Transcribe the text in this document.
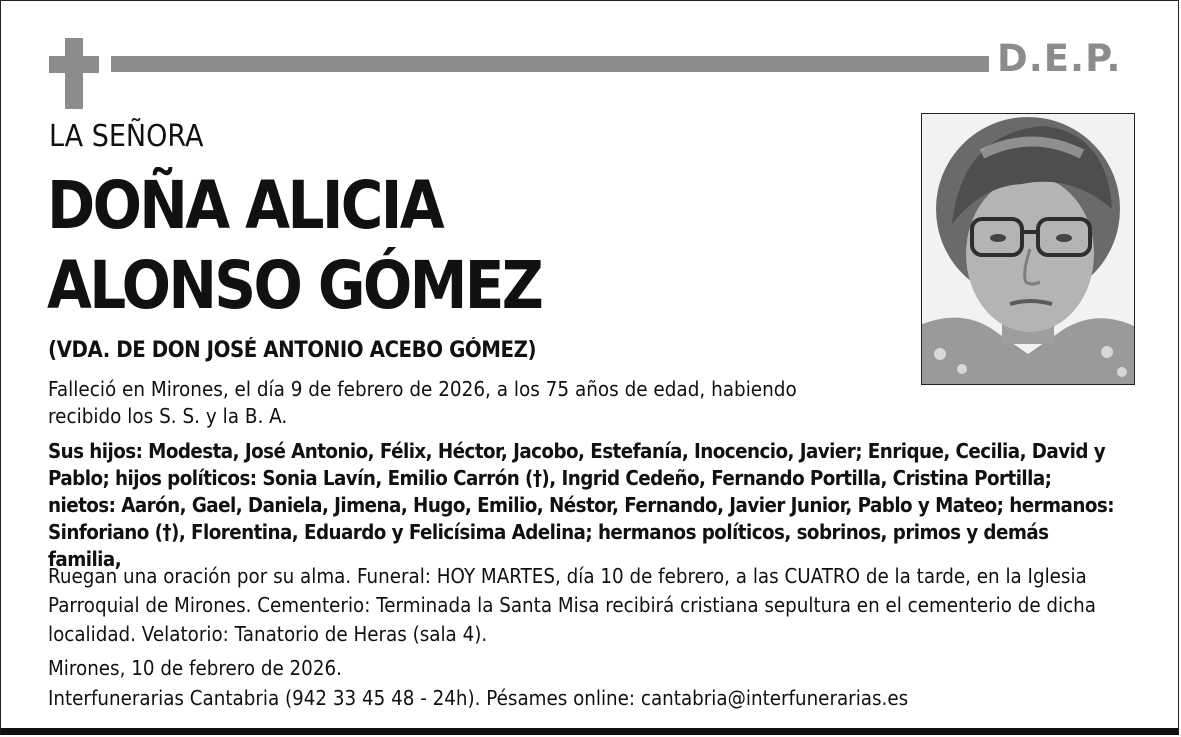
D.E.P.
LA SEÑORA
DOÑA ALICIA
ALONSO GÓMEZ
(VDA. DE DON JOSÉ ANTONIO ACEBO GÓMEZ)
Falleció en Mirones, el día 9 de febrero de 2026, a los 75 años de edad, habiendo recibido los S. S. y la B. A.
Sus hijos: Modesta, José Antonio, Félix, Héctor, Jacobo, Estefanía, Inocencio, Javier; Enrique, Cecilia, David y Pablo; hijos políticos: Sonia Lavín, Emilio Carrón (†), Ingrid Cedeño, Fernando Portilla, Cristina Portilla; nietos: Aarón, Gael, Daniela, Jimena, Hugo, Emilio, Néstor, Fernando, Javier Junior, Pablo y Mateo; hermanos: Sinforiano (†), Florentina, Eduardo y Felicísima Adelina; hermanos políticos, sobrinos, primos y demás familia,
Ruegan una oración por su alma. Funeral: HOY MARTES, día 10 de febrero, a las CUATRO de la tarde, en la Iglesia Parroquial de Mirones. Cementerio: Terminada la Santa Misa recibirá cristiana sepultura en el cementerio de dicha localidad. Velatorio: Tanatorio de Heras (sala 4).
Mirones, 10 de febrero de 2026.
Interfunerarias Cantabria (942 33 45 48 - 24h). Pésames online: cantabria@interfunerarias.es
